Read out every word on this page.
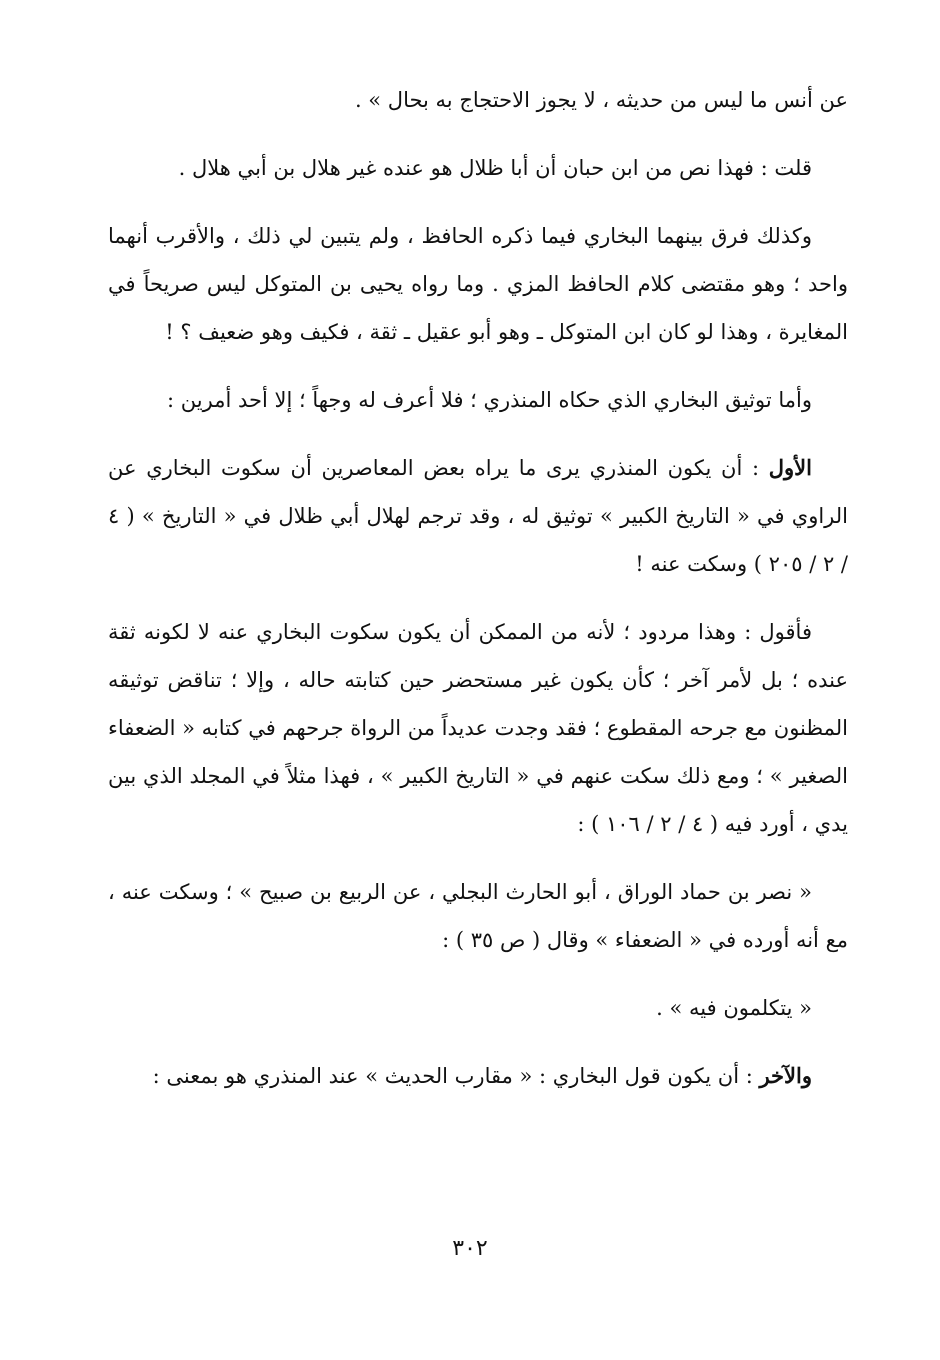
عن أنس ما ليس من حديثه ، لا يجوز الاحتجاج به بحال » .

قلت : فهذا نص من ابن حبان أن أبا ظلال هو عنده غير هلال بن أبي هلال .

وكذلك فرق بينهما البخاري فيما ذكره الحافظ ، ولم يتبين لي ذلك ، والأقرب أنهما واحد ؛ وهو مقتضى كلام الحافظ المزي . وما رواه يحيى بن المتوكل ليس صريحاً في المغايرة ، وهذا لو كان ابن المتوكل ـ وهو أبو عقيل ـ ثقة ، فكيف وهو ضعيف ؟ !

وأما توثيق البخاري الذي حكاه المنذري ؛ فلا أعرف له وجهاً ؛ إلا أحد أمرين :

الأول : أن يكون المنذري يرى ما يراه بعض المعاصرين أن سكوت البخاري عن الراوي في « التاريخ الكبير » توثيق له ، وقد ترجم لهلال أبي ظلال في « التاريخ » ( ٤ / ٢ / ٢٠٥ ) وسكت عنه !

فأقول : وهذا مردود ؛ لأنه من الممكن أن يكون سكوت البخاري عنه لا لكونه ثقة عنده ؛ بل لأمر آخر ؛ كأن يكون غير مستحضر حين كتابته حاله ، وإلا ؛ تناقض توثيقه المظنون مع جرحه المقطوع ؛ فقد وجدت عديداً من الرواة جرحهم في كتابه « الضعفاء الصغير » ؛ ومع ذلك سكت عنهم في « التاريخ الكبير » ، فهذا مثلاً في المجلد الذي بين يدي ، أورد فيه ( ٤ / ٢ / ١٠٦ ) :

« نصر بن حماد الوراق ، أبو الحارث البجلي ، عن الربيع بن صبيح » ؛ وسكت عنه ، مع أنه أورده في « الضعفاء » وقال ( ص ٣٥ ) :

« يتكلمون فيه » .

والآخر : أن يكون قول البخاري : « مقارب الحديث » عند المنذري هو بمعنى :

٣٠٢
